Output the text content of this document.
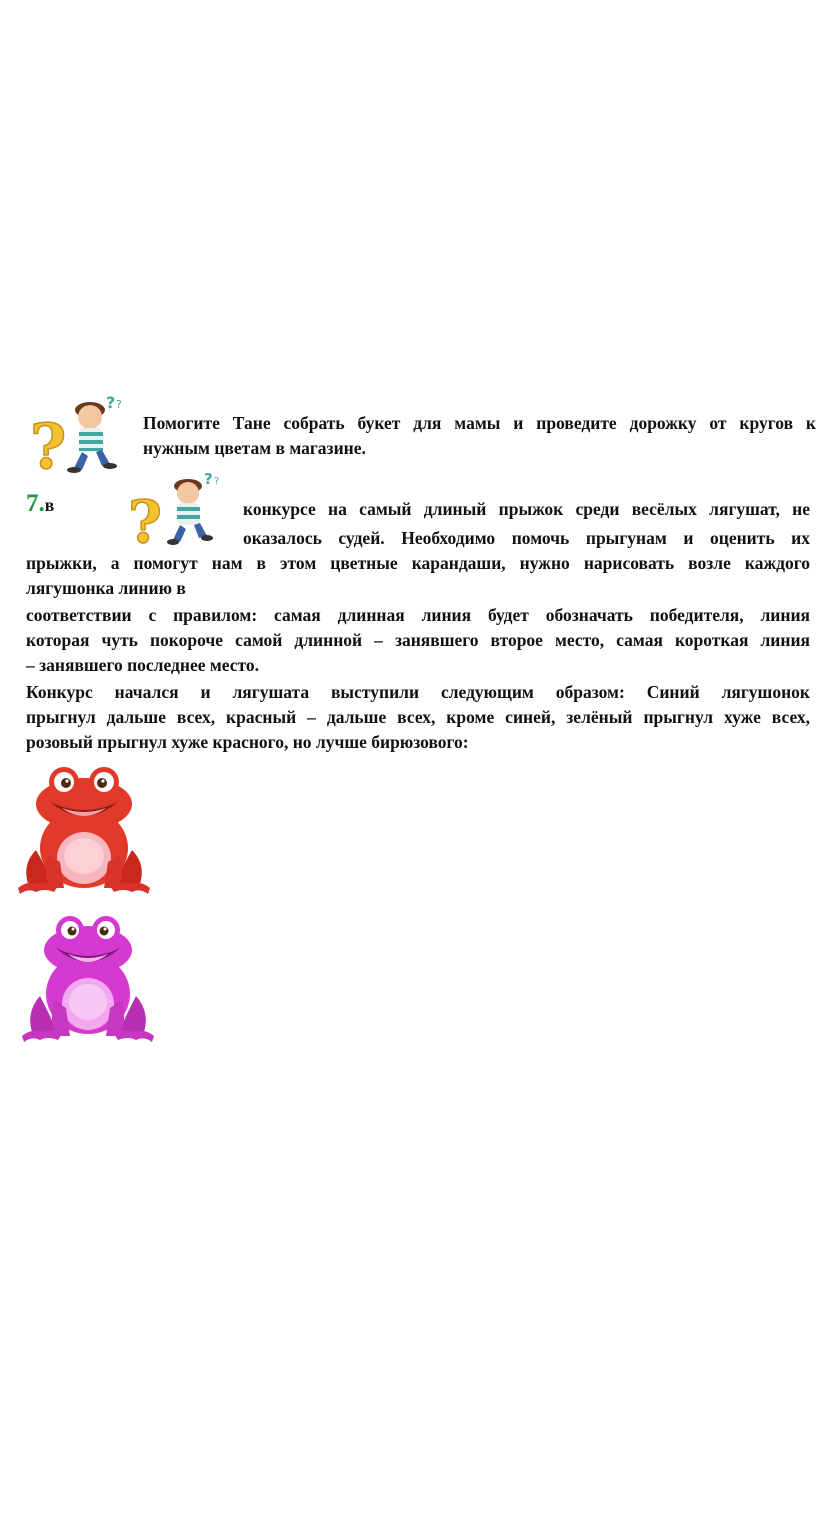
?
? ?
Помогите Тане собрать букет для мамы и проведите дорожку от кругов к
нужным цветам в магазине.
7.в ?
? ?
конкурсе на самый длиный прыжок среди весёлых лягушат, не
оказалось судей. Необходимо помочь прыгунам и оценить их
прыжки, а помогут нам в этом цветные карандаши, нужно нарисовать возле каждого
лягушонка линию в
соответствии с правилом: самая длинная линия будет обозначать победителя, линия
которая чуть покороче самой длинной – занявшего второе место, самая короткая линия
– занявшего последнее место.
Конкурс начался и лягушата выступили следующим образом: Синий лягушонок
прыгнул дальше всех, красный – дальше всех, кроме синей, зелёный прыгнул хуже всех,
розовый прыгнул хуже красного, но лучше бирюзового:
